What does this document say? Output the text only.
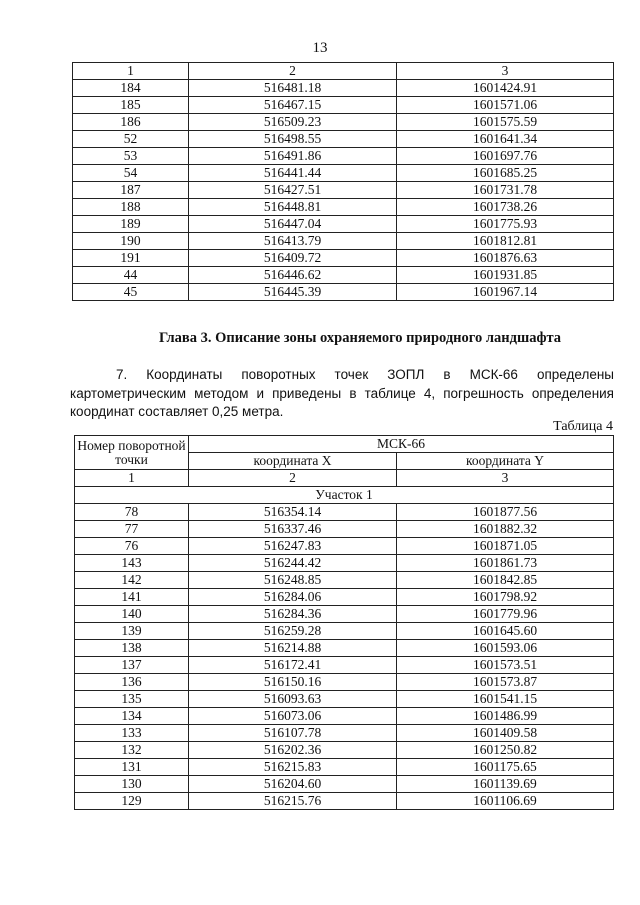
13
1	2	3
184	516481.18	1601424.91
185	516467.15	1601571.06
186	516509.23	1601575.59
52	516498.55	1601641.34
53	516491.86	1601697.76
54	516441.44	1601685.25
187	516427.51	1601731.78
188	516448.81	1601738.26
189	516447.04	1601775.93
190	516413.79	1601812.81
191	516409.72	1601876.63
44	516446.62	1601931.85
45	516445.39	1601967.14
Глава 3. Описание зоны охраняемого природного ландшафта
7. Координаты поворотных точек ЗОПЛ в МСК-66 определены картометрическим методом и приведены в таблице 4, погрешность определения координат составляет 0,25 метра.
Таблица 4
Номер поворотной точки	МСК-66	
	координата X	координата Y
1	2	3
Участок 1		
78	516354.14	1601877.56
77	516337.46	1601882.32
76	516247.83	1601871.05
143	516244.42	1601861.73
142	516248.85	1601842.85
141	516284.06	1601798.92
140	516284.36	1601779.96
139	516259.28	1601645.60
138	516214.88	1601593.06
137	516172.41	1601573.51
136	516150.16	1601573.87
135	516093.63	1601541.15
134	516073.06	1601486.99
133	516107.78	1601409.58
132	516202.36	1601250.82
131	516215.83	1601175.65
130	516204.60	1601139.69
129	516215.76	1601106.69
